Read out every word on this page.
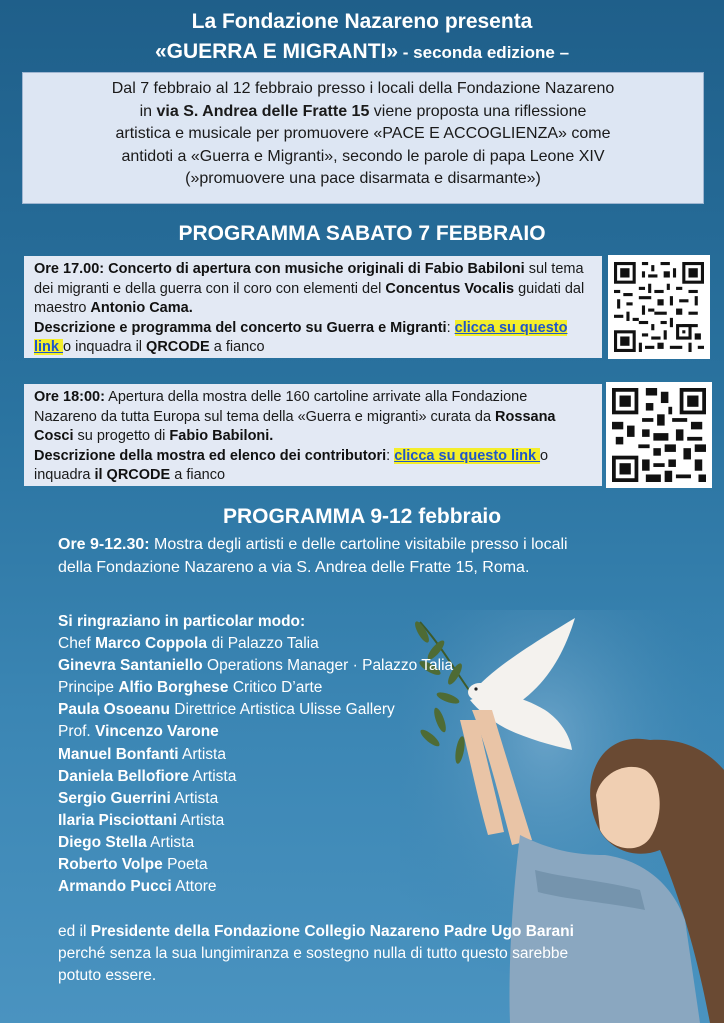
La Fondazione Nazareno presenta
«GUERRA E MIGRANTI» - seconda edizione –
Dal 7 febbraio al 12 febbraio presso i locali della Fondazione Nazareno
in via S. Andrea delle Fratte 15 viene proposta una riflessione
artistica e musicale per promuovere «PACE E ACCOGLIENZA» come
antidoti a «Guerra e Migranti», secondo le parole di papa Leone XIV
(»promuovere una pace disarmata e disarmante»)
PROGRAMMA SABATO 7 FEBBRAIO
Ore 17.00: Concerto di apertura con musiche originali di Fabio Babiloni sul tema dei migranti e della guerra con il coro con elementi del Concentus Vocalis guidati dal maestro Antonio Cama.
Descrizione e programma del concerto su Guerra e Migranti: clicca su questo link o inquadra il QRCODE a fianco
Ore 18:00: Apertura della mostra delle 160 cartoline arrivate alla Fondazione Nazareno da tutta Europa sul tema della «Guerra e migranti» curata da Rossana Cosci su progetto di Fabio Babiloni.
Descrizione della mostra ed elenco dei contributori: clicca su questo link o inquadra il QRCODE a fianco
PROGRAMMA 9-12 febbraio
Ore 9-12.30: Mostra degli artisti e delle cartoline visitabile presso i locali
della Fondazione Nazareno a via S. Andrea delle Fratte 15, Roma.
Si ringraziano in particolar modo:
Chef Marco Coppola di Palazzo Talia
Ginevra Santaniello Operations Manager · Palazzo Talia
Principe Alfio Borghese Critico D’arte
Paula Osoeanu Direttrice Artistica Ulisse Gallery
Prof. Vincenzo Varone
Manuel Bonfanti Artista
Daniela Bellofiore Artista
Sergio Guerrini Artista
Ilaria Pisciottani Artista
Diego Stella Artista
Roberto Volpe Poeta
Armando Pucci Attore
ed il Presidente della Fondazione Collegio Nazareno Padre Ugo Barani
perché senza la sua lungimiranza e sostegno nulla di tutto questo sarebbe
potuto essere.
